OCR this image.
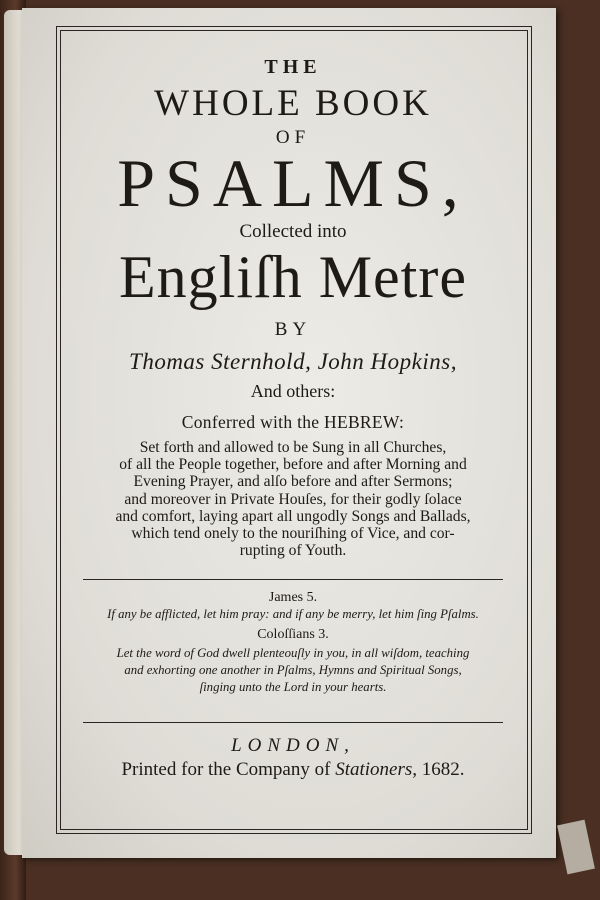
THE
WHOLE BOOK
OF
PSALMS,
Collected into
Engliſh Metre
BY
Thomas Sternhold, John Hopkins,
And others:
Conferred with the HEBREW:
Set forth and allowed to be Sung in all Churches,
of all the People together, before and after Morning and
Evening Prayer, and alſo before and after Sermons;
and moreover in Private Houſes, for their godly ſolace
and comfort, laying apart all ungodly Songs and Ballads,
which tend onely to the nouriſhing of Vice, and cor-
rupting of Youth.
James 5.
If any be afflicted, let him pray: and if any be merry, let him ſing Pſalms.
Coloſſians 3.
Let the word of God dwell plenteouſly in you, in all wiſdom, teaching
and exhorting one another in Pſalms, Hymns and Spiritual Songs,
ſinging unto the Lord in your hearts.
LONDON,
Printed for the Company of Stationers, 1682.
